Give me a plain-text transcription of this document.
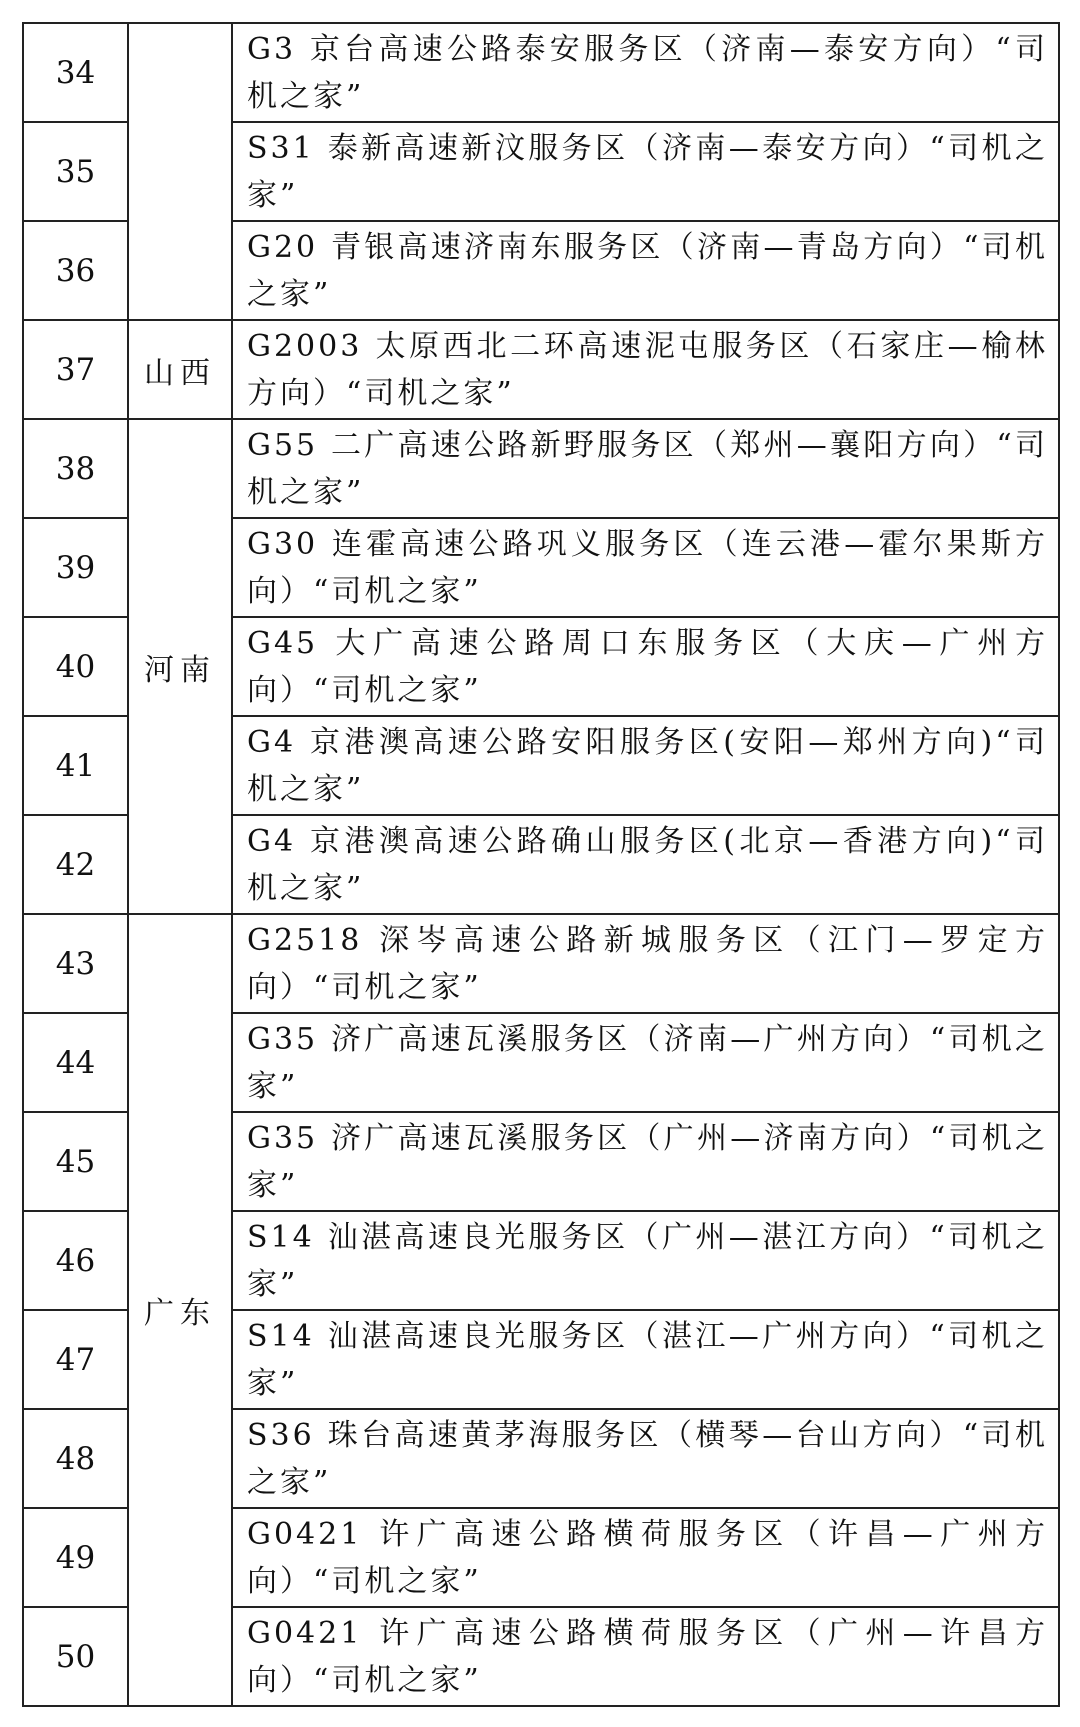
34		G3 京台高速公路泰安服务区（济南—泰安方向）“司机之家”
35		S31 泰新高速新汶服务区（济南—泰安方向）“司机之家”
36		G20 青银高速济南东服务区（济南—青岛方向）“司机之家”
37	山西	G2003 太原西北二环高速泥屯服务区（石家庄—榆林方向）“司机之家”
38	河南	G55 二广高速公路新野服务区（郑州—襄阳方向）“司机之家”
39		G30 连霍高速公路巩义服务区（连云港—霍尔果斯方向）“司机之家”
40		G45 大广高速公路周口东服务区（大庆—广州方向）“司机之家”
41		G4 京港澳高速公路安阳服务区(安阳—郑州方向)“司机之家”
42		G4 京港澳高速公路确山服务区(北京—香港方向)“司机之家”
43	广东	G2518 深岑高速公路新城服务区（江门—罗定方向）“司机之家”
44		G35 济广高速瓦溪服务区（济南—广州方向）“司机之家”
45		G35 济广高速瓦溪服务区（广州—济南方向）“司机之家”
46		S14 汕湛高速良光服务区（广州—湛江方向）“司机之家”
47		S14 汕湛高速良光服务区（湛江—广州方向）“司机之家”
48		S36 珠台高速黄茅海服务区（横琴—台山方向）“司机之家”
49		G0421 许广高速公路横荷服务区（许昌—广州方向）“司机之家”
50		G0421 许广高速公路横荷服务区（广州—许昌方向）“司机之家”
